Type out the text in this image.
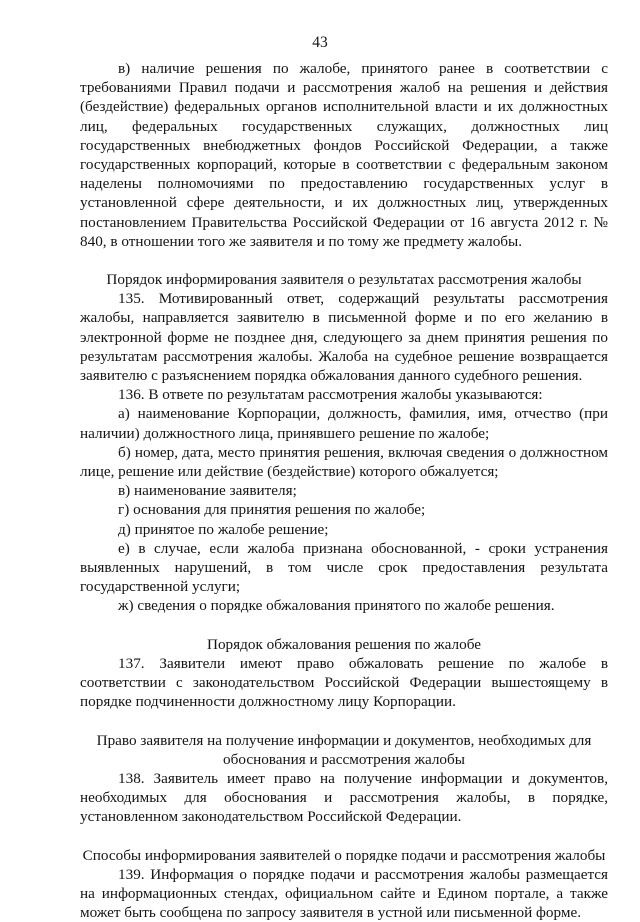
43

в) наличие решения по жалобе, принятого ранее в соответствии с требованиями Правил подачи и рассмотрения жалоб на решения и действия (бездействие) федеральных органов исполнительной власти и их должностных лиц, федеральных государственных служащих, должностных лиц государственных внебюджетных фондов Российской Федерации, а также государственных корпораций, которые в соответствии с федеральным законом наделены полномочиями по предоставлению государственных услуг в установленной сфере деятельности, и их должностных лиц, утвержденных постановлением Правительства Российской Федерации от 16 августа 2012 г. № 840, в отношении того же заявителя и по тому же предмету жалобы.

Порядок информирования заявителя о результатах рассмотрения жалобы

135. Мотивированный ответ, содержащий результаты рассмотрения жалобы, направляется заявителю в письменной форме и по его желанию в электронной форме не позднее дня, следующего за днем принятия решения по результатам рассмотрения жалобы. Жалоба на судебное решение возвращается заявителю с разъяснением порядка обжалования данного судебного решения.

136. В ответе по результатам рассмотрения жалобы указываются:

а) наименование Корпорации, должность, фамилия, имя, отчество (при наличии) должностного лица, принявшего решение по жалобе;

б) номер, дата, место принятия решения, включая сведения о должностном лице, решение или действие (бездействие) которого обжалуется;

в) наименование заявителя;

г) основания для принятия решения по жалобе;

д) принятое по жалобе решение;

е) в случае, если жалоба признана обоснованной, - сроки устранения выявленных нарушений, в том числе срок предоставления результата государственной услуги;

ж) сведения о порядке обжалования принятого по жалобе решения.

Порядок обжалования решения по жалобе

137. Заявители имеют право обжаловать решение по жалобе в соответствии с законодательством Российской Федерации вышестоящему в порядке подчиненности должностному лицу Корпорации.

Право заявителя на получение информации и документов, необходимых для обоснования и рассмотрения жалобы

138. Заявитель имеет право на получение информации и документов, необходимых для обоснования и рассмотрения жалобы, в порядке, установленном законодательством Российской Федерации.

Способы информирования заявителей о порядке подачи и рассмотрения жалобы

139. Информация о порядке подачи и рассмотрения жалобы размещается на информационных стендах, официальном сайте и Едином портале, а также может быть сообщена по запросу заявителя в устной или письменной форме.
